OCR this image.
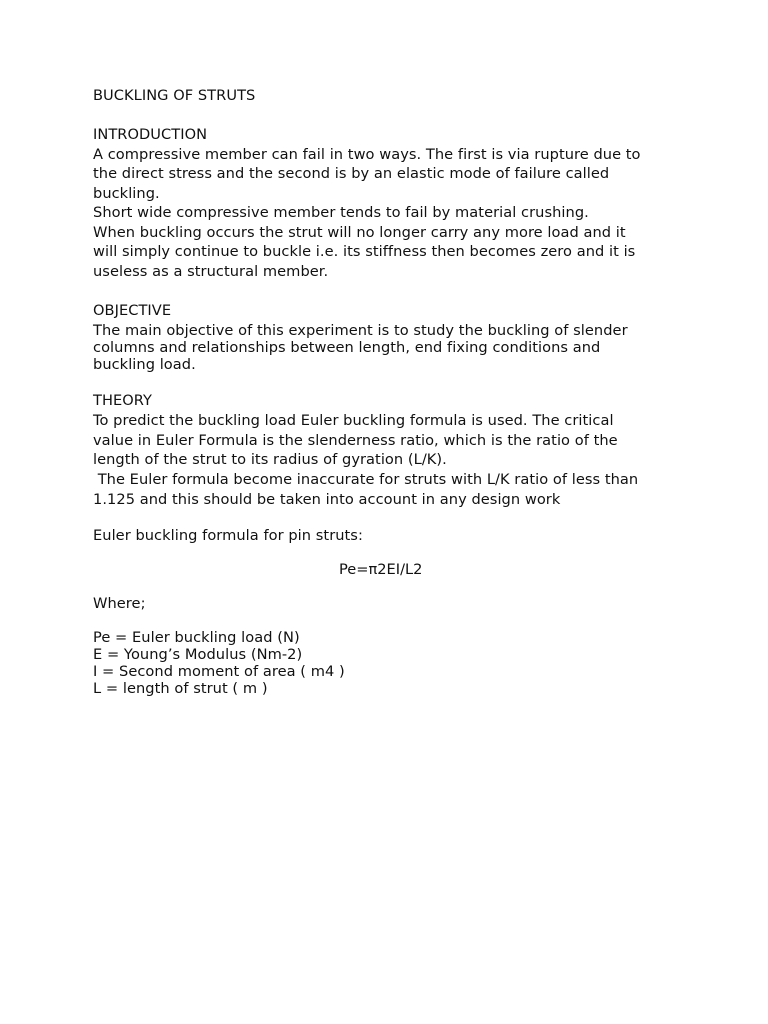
BUCKLING OF STRUTS
INTRODUCTION
A compressive member can fail in two ways. The first is via rupture due to
the direct stress and the second is by an elastic mode of failure called
buckling.
Short wide compressive member tends to fail by material crushing.
When buckling occurs the strut will no longer carry any more load and it
will simply continue to buckle i.e. its stiffness then becomes zero and it is
useless as a structural member.
OBJECTIVE
The main objective of this experiment is to study the buckling of slender
columns and relationships between length, end fixing conditions and
buckling load.
THEORY
To predict the buckling load Euler buckling formula is used. The critical
value in Euler Formula is the slenderness ratio, which is the ratio of the
length of the strut to its radius of gyration (L/K).
The Euler formula become inaccurate for struts with L/K ratio of less than
1.125 and this should be taken into account in any design work
Euler buckling formula for pin struts:
Pe=π2EI/L2
Where;
Pe = Euler buckling load (N)
E = Young’s Modulus (Nm-2)
I = Second moment of area ( m4 )
L = length of strut ( m )
